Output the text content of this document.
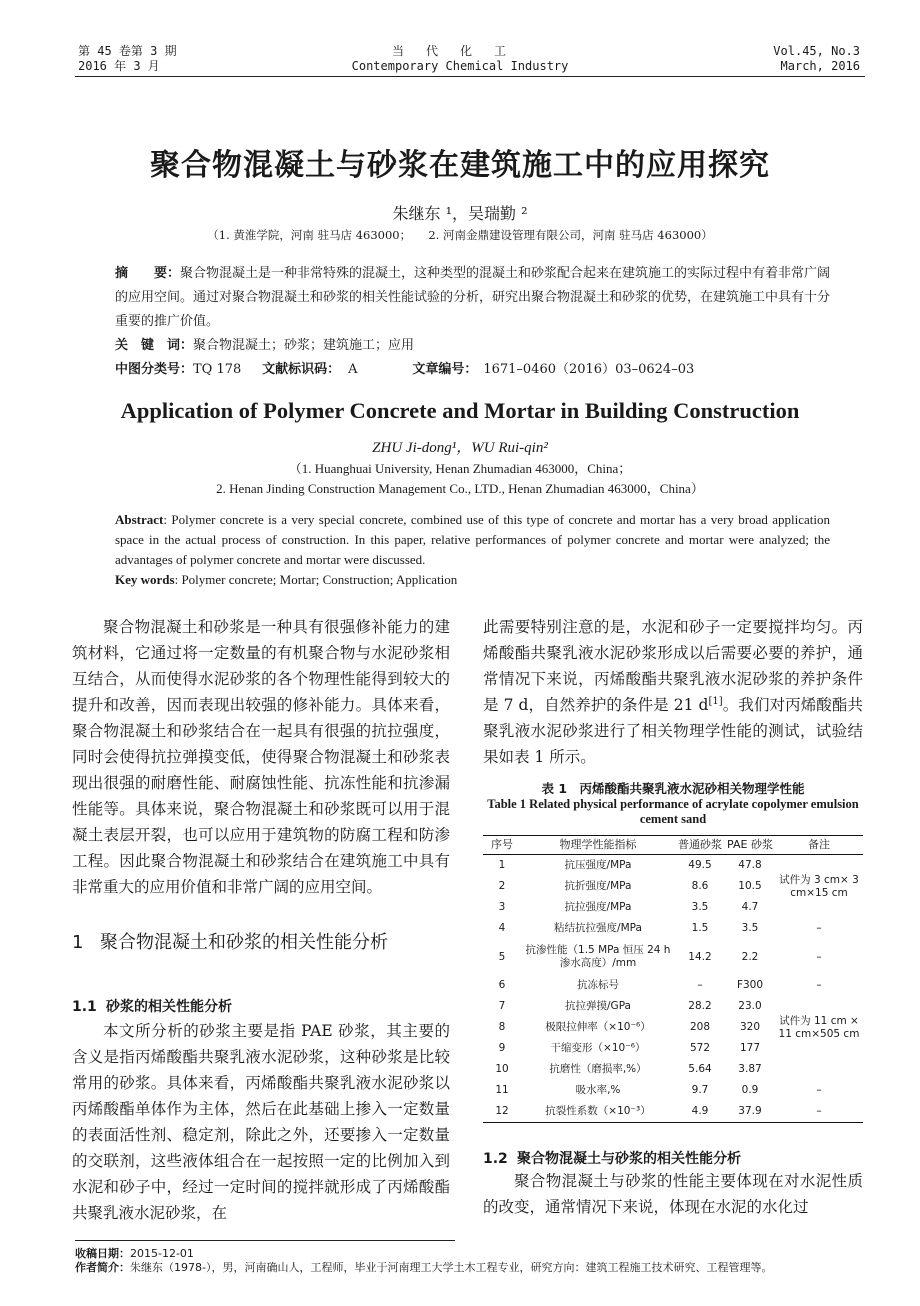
第 45 卷第 3 期
2016 年 3 月
当代化工
Contemporary Chemical Industry
Vol.45, No.3
March, 2016
聚合物混凝土与砂浆在建筑施工中的应用探究
朱继东 ¹，吴瑞勤 ²
（1. 黄淮学院，河南 驻马店 463000；　　2. 河南金鼎建设管理有限公司，河南 驻马店 463000）
摘　　要：聚合物混凝土是一种非常特殊的混凝土，这种类型的混凝土和砂浆配合起来在建筑施工的实际过程中有着非常广阔的应用空间。通过对聚合物混凝土和砂浆的相关性能试验的分析，研究出聚合物混凝土和砂浆的优势，在建筑施工中具有十分重要的推广价值。
关　键　词：聚合物混凝土；砂浆；建筑施工；应用
中图分类号：TQ 178 文献标识码： A	文章编号： 1671–0460（2016）03–0624–03
Application of Polymer Concrete and Mortar in Building Construction
ZHU Ji-dong¹，WU Rui-qin²
（1. Huanghuai University, Henan Zhumadian 463000，China；
2. Henan Jinding Construction Management Co., LTD., Henan Zhumadian 463000，China）
Abstract: Polymer concrete is a very special concrete, combined use of this type of concrete and mortar has a very broad application space in the actual process of construction. In this paper, relative performances of polymer concrete and mortar were analyzed; the advantages of polymer concrete and mortar were discussed.
Key words: Polymer concrete; Mortar; Construction; Application

聚合物混凝土和砂浆是一种具有很强修补能力的建筑材料，它通过将一定数量的有机聚合物与水泥砂浆相互结合，从而使得水泥砂浆的各个物理性能得到较大的提升和改善，因而表现出较强的修补能力。具体来看，聚合物混凝土和砂浆结合在一起具有很强的抗拉强度，同时会使得抗拉弹摸变低，使得聚合物混凝土和砂浆表现出很强的耐磨性能、耐腐蚀性能、抗冻性能和抗渗漏性能等。具体来说，聚合物混凝土和砂浆既可以用于混凝土表层开裂，也可以应用于建筑物的防腐工程和防渗工程。因此聚合物混凝土和砂浆结合在建筑施工中具有非常重大的应用价值和非常广阔的应用空间。

1 聚合物混凝土和砂浆的相关性能分析
1.1 砂浆的相关性能分析

本文所分析的砂浆主要是指 PAE 砂浆，其主要的含义是指丙烯酸酯共聚乳液水泥砂浆，这种砂浆是比较常用的砂浆。具体来看，丙烯酸酯共聚乳液水泥砂浆以丙烯酸酯单体作为主体，然后在此基础上掺入一定数量的表面活性剂、稳定剂，除此之外，还要掺入一定数量的交联剂，这些液体组合在一起按照一定的比例加入到水泥和砂子中，经过一定时间的搅拌就形成了丙烯酸酯共聚乳液水泥砂浆，在

此需要特别注意的是，水泥和砂子一定要搅拌均匀。丙烯酸酯共聚乳液水泥砂浆形成以后需要必要的养护，通常情况下来说，丙烯酸酯共聚乳液水泥砂浆的养护条件是 7 d，自然养护的条件是 21 d[1]。我们对丙烯酸酯共聚乳液水泥砂浆进行了相关物理学性能的测试，试验结果如表 1 所示。

表 1　丙烯酸酯共聚乳液水泥砂相关物理学性能
Table 1 Related physical performance of acrylate copolymer emulsion cement sand
序号	物理学性能指标	普通砂浆	PAE 砂浆	备注
1	抗压强度/MPa	49.5	47.8	试件为 3 cm× 3 cm×15 cm
2	抗折强度/MPa	8.6	10.5	
3	抗拉强度/MPa	3.5	4.7	
4	粘结抗拉强度/MPa	1.5	3.5	–
5	抗渗性能（1.5 MPa 恒压 24 h 渗水高度）/mm	14.2	2.2	–
6	抗冻标号	–	F300	–
7	抗拉弹摸/GPa	28.2	23.0	试件为 11 cm × 11 cm×505 cm
8	极限拉伸率（×10⁻⁶）	208	320	
9	干缩变形（×10⁻⁶）	572	177	
10	抗磨性（磨损率,%）	5.64	3.87	
11	吸水率,%	9.7	0.9	–
12	抗裂性系数（×10⁻³）	4.9	37.9	–
1.2 聚合物混凝土与砂浆的相关性能分析

聚合物混凝土与砂浆的性能主要体现在对水泥性质的改变，通常情况下来说，体现在水泥的水化过

收稿日期：2015-12-01
作者简介：朱继东（1978-），男，河南确山人，工程师，毕业于河南理工大学土木工程专业，研究方向：建筑工程施工技术研究、工程管理等。
